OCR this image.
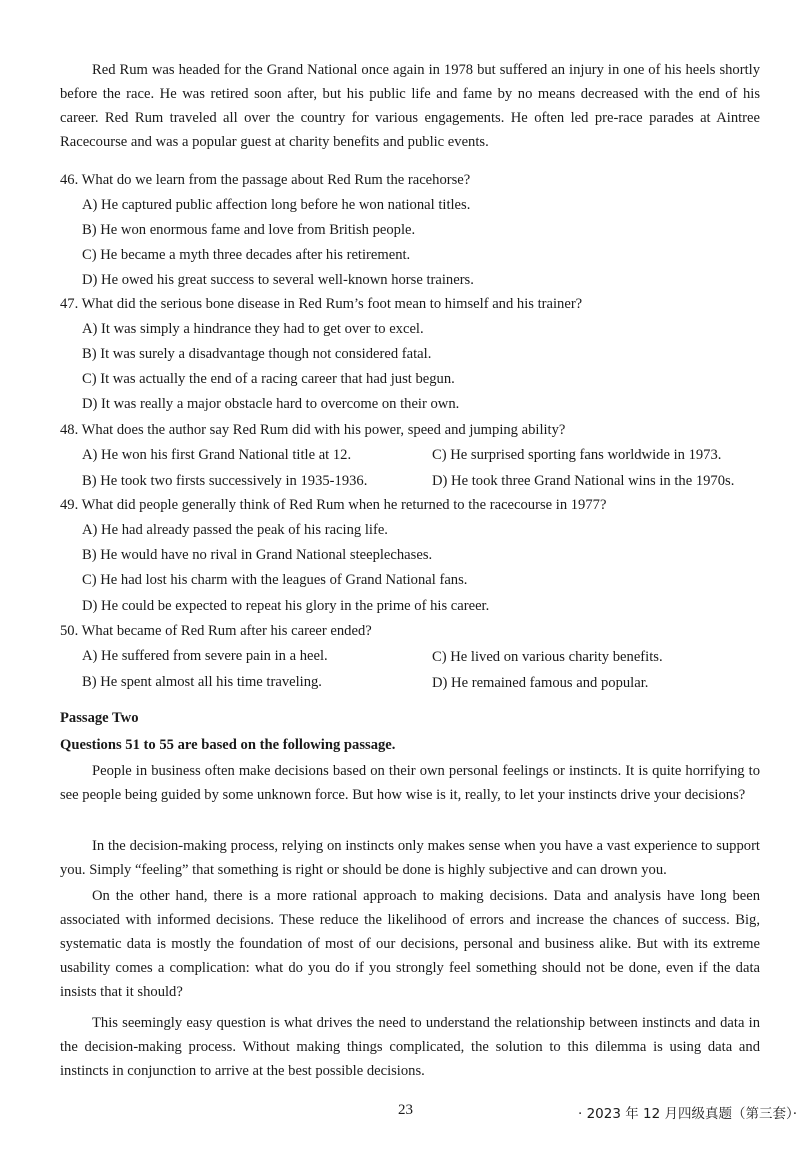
Red Rum was headed for the Grand National once again in 1978 but suffered an injury in one of his heels shortly before the race. He was retired soon after, but his public life and fame by no means decreased with the end of his career. Red Rum traveled all over the country for various engagements. He often led pre-race parades at Aintree Racecourse and was a popular guest at charity benefits and public events.

46. What do we learn from the passage about Red Rum the racehorse?
A) He captured public affection long before he won national titles.
B) He won enormous fame and love from British people.
C) He became a myth three decades after his retirement.
D) He owed his great success to several well-known horse trainers.
47. What did the serious bone disease in Red Rum’s foot mean to himself and his trainer?
A) It was simply a hindrance they had to get over to excel.
B) It was surely a disadvantage though not considered fatal.
C) It was actually the end of a racing career that had just begun.
D) It was really a major obstacle hard to overcome on their own.
48. What does the author say Red Rum did with his power, speed and jumping ability?
A) He won his first Grand National title at 12.
B) He took two firsts successively in 1935-1936.
C) He surprised sporting fans worldwide in 1973.
D) He took three Grand National wins in the 1970s.
49. What did people generally think of Red Rum when he returned to the racecourse in 1977?
A) He had already passed the peak of his racing life.
B) He would have no rival in Grand National steeplechases.
C) He had lost his charm with the leagues of Grand National fans.
D) He could be expected to repeat his glory in the prime of his career.
50. What became of Red Rum after his career ended?
A) He suffered from severe pain in a heel.
B) He spent almost all his time traveling.
C) He lived on various charity benefits.
D) He remained famous and popular.
Passage Two
Questions 51 to 55 are based on the following passage.

People in business often make decisions based on their own personal feelings or instincts. It is quite horrifying to see people being guided by some unknown force. But how wise is it, really, to let your instincts drive your decisions?

In the decision-making process, relying on instincts only makes sense when you have a vast experience to support you. Simply “feeling” that something is right or should be done is highly subjective and can drown you.

On the other hand, there is a more rational approach to making decisions. Data and analysis have long been associated with informed decisions. These reduce the likelihood of errors and increase the chances of success. Big, systematic data is mostly the foundation of most of our decisions, personal and business alike. But with its extreme usability comes a complication: what do you do if you strongly feel something should not be done, even if the data insists that it should?

This seemingly easy question is what drives the need to understand the relationship between instincts and data in the decision-making process. Without making things complicated, the solution to this dilemma is using data and instincts in conjunction to arrive at the best possible decisions.

23	· 2023 年 12 月四级真题（第三套）·
